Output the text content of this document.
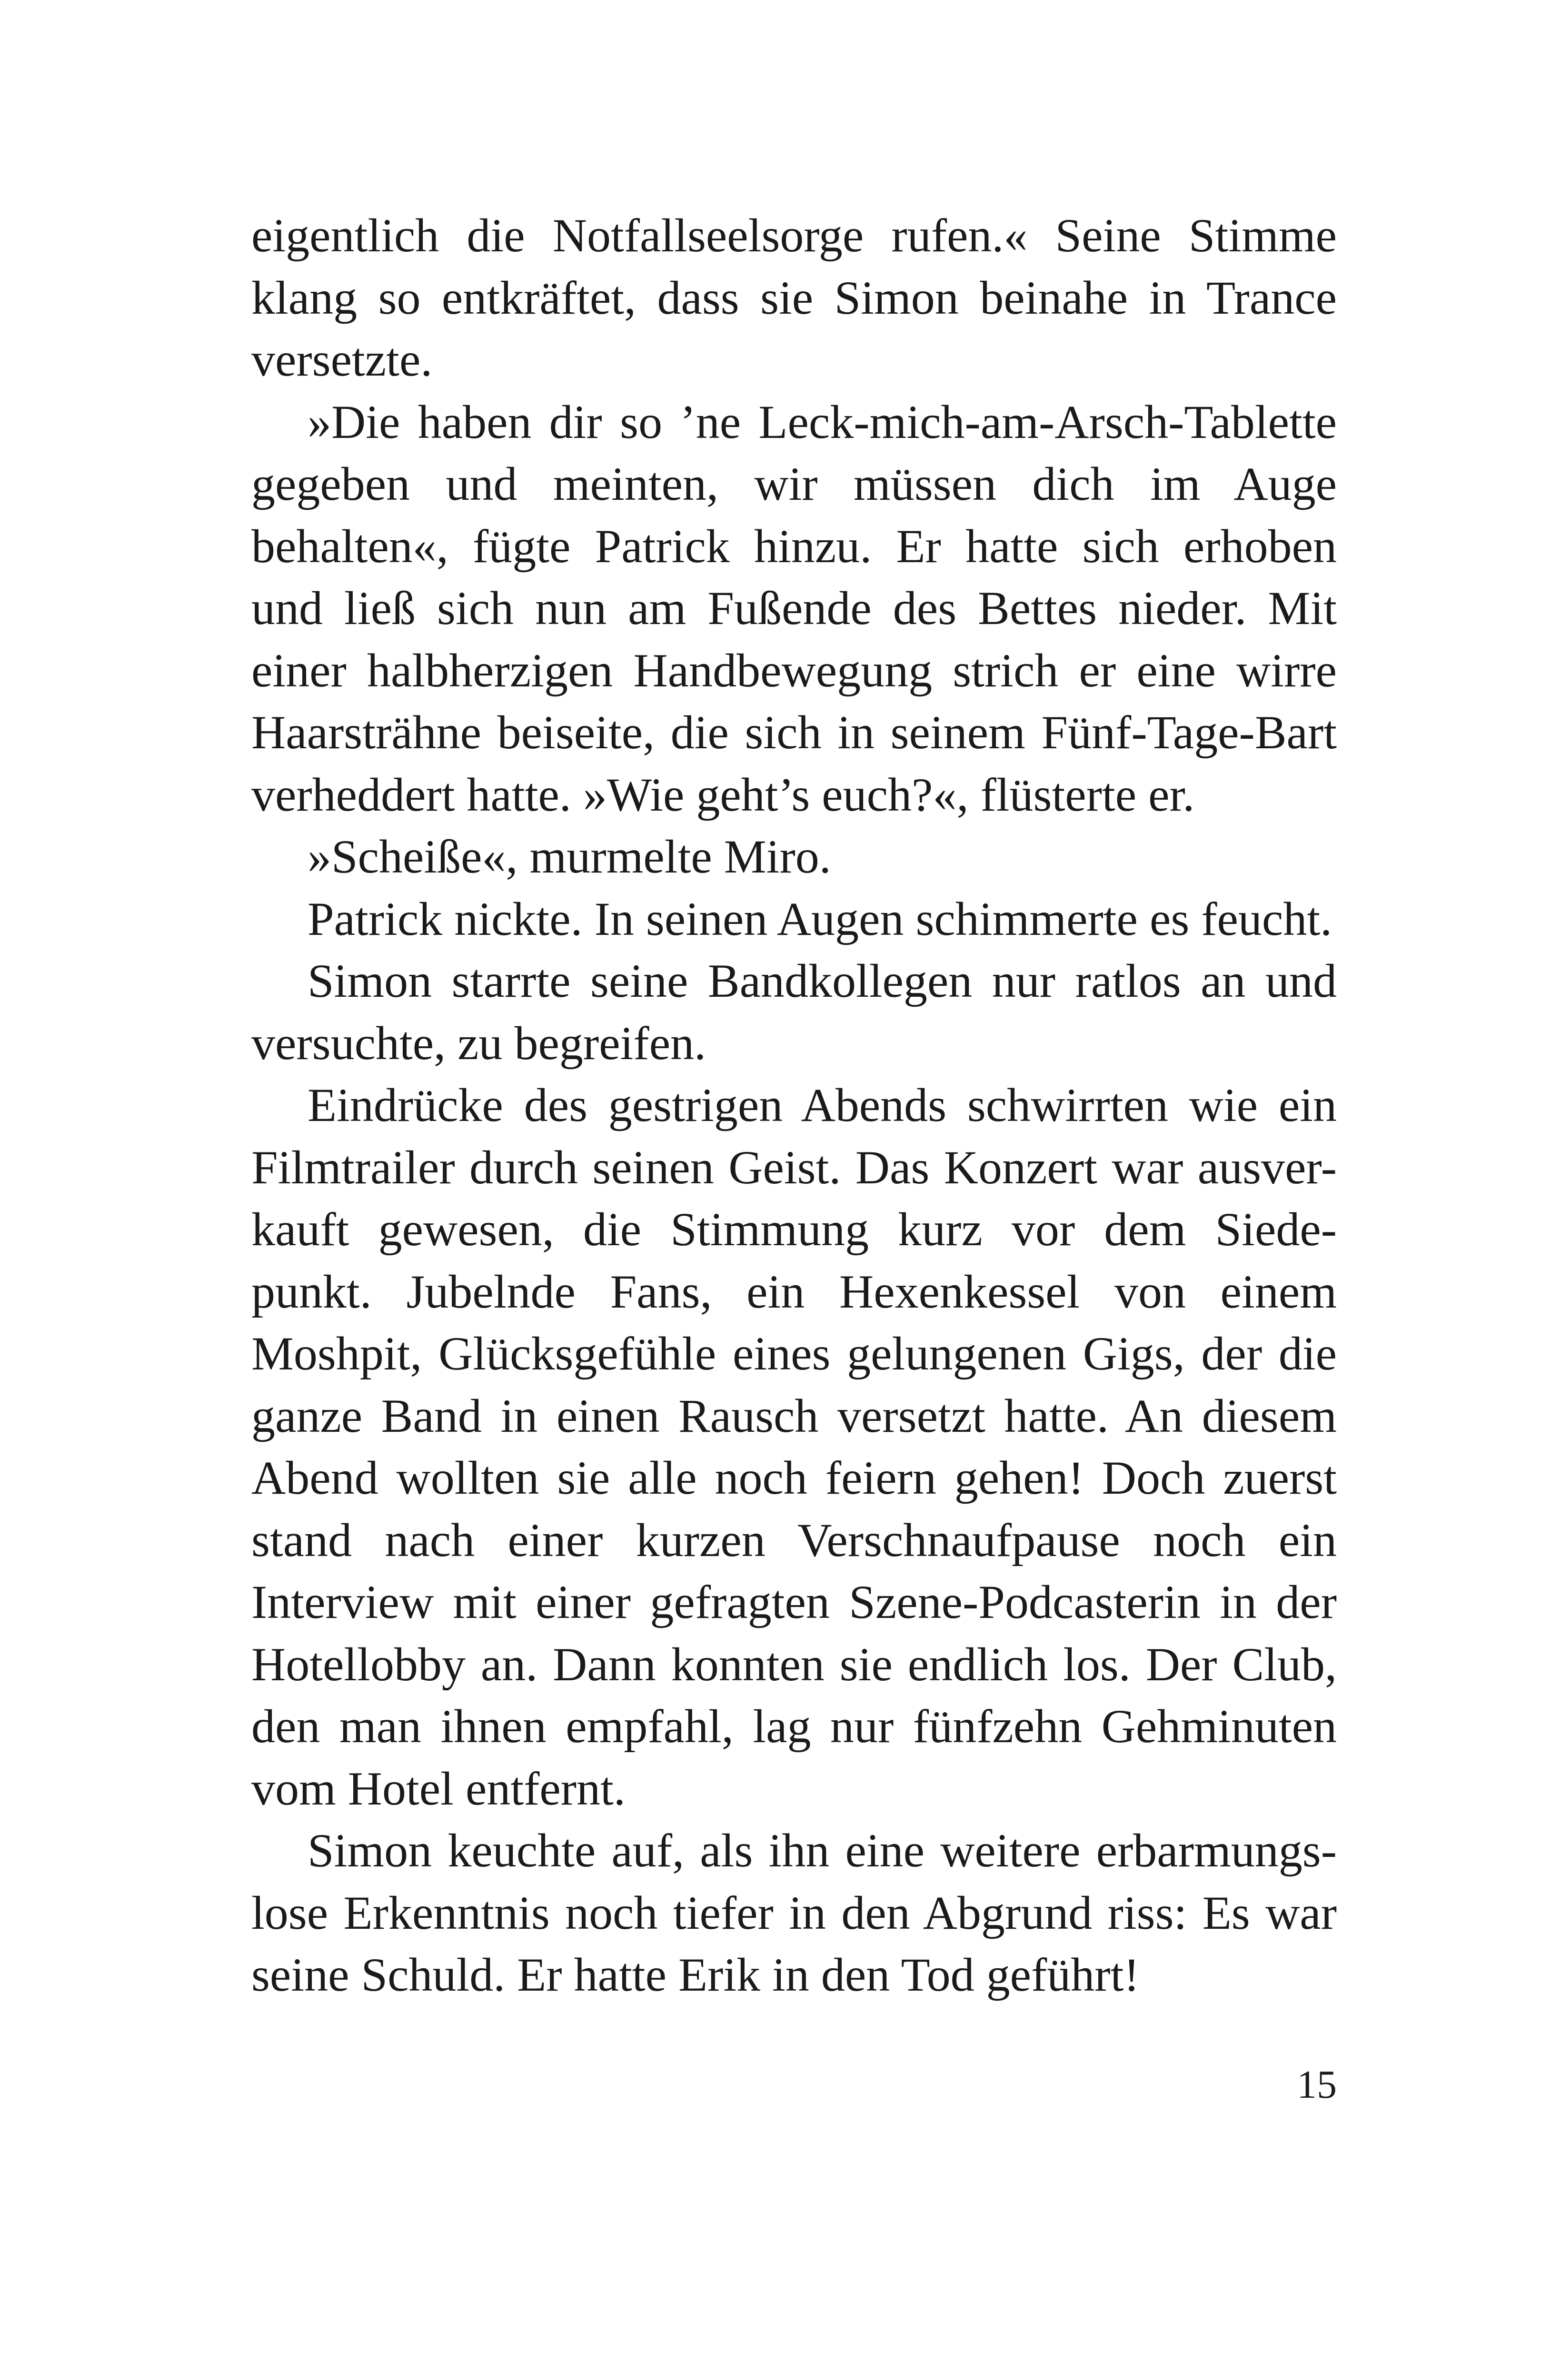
eigentlich die Notfallseelsorge rufen.« Seine Stimme
klang so entkräftet, dass sie Simon beinahe in Trance
versetzte.
»Die haben dir so ’ne Leck-mich-am-Arsch-Tablette
gegeben und meinten, wir müssen dich im Auge
behalten«, fügte Patrick hinzu. Er hatte sich erhoben
und ließ sich nun am Fußende des Bettes nieder. Mit
einer halbherzigen Handbewegung strich er eine wirre
Haarsträhne beiseite, die sich in seinem Fünf-Tage-Bart
verheddert hatte. »Wie geht’s euch?«, flüsterte er.
»Scheiße«, murmelte Miro.
Patrick nickte. In seinen Augen schimmerte es feucht.
Simon starrte seine Bandkollegen nur ratlos an und
versuchte, zu begreifen.
Eindrücke des gestrigen Abends schwirrten wie ein
Filmtrailer durch seinen Geist. Das Konzert war ausver-
kauft gewesen, die Stimmung kurz vor dem Siede-
punkt. Jubelnde Fans, ein Hexenkessel von einem
Moshpit, Glücksgefühle eines gelungenen Gigs, der die
ganze Band in einen Rausch versetzt hatte. An diesem
Abend wollten sie alle noch feiern gehen! Doch zuerst
stand nach einer kurzen Verschnaufpause noch ein
Interview mit einer gefragten Szene-Podcasterin in der
Hotellobby an. Dann konnten sie endlich los. Der Club,
den man ihnen empfahl, lag nur fünfzehn Gehminuten
vom Hotel entfernt.
Simon keuchte auf, als ihn eine weitere erbarmungs-
lose Erkenntnis noch tiefer in den Abgrund riss: Es war
seine Schuld. Er hatte Erik in den Tod geführt!
15
